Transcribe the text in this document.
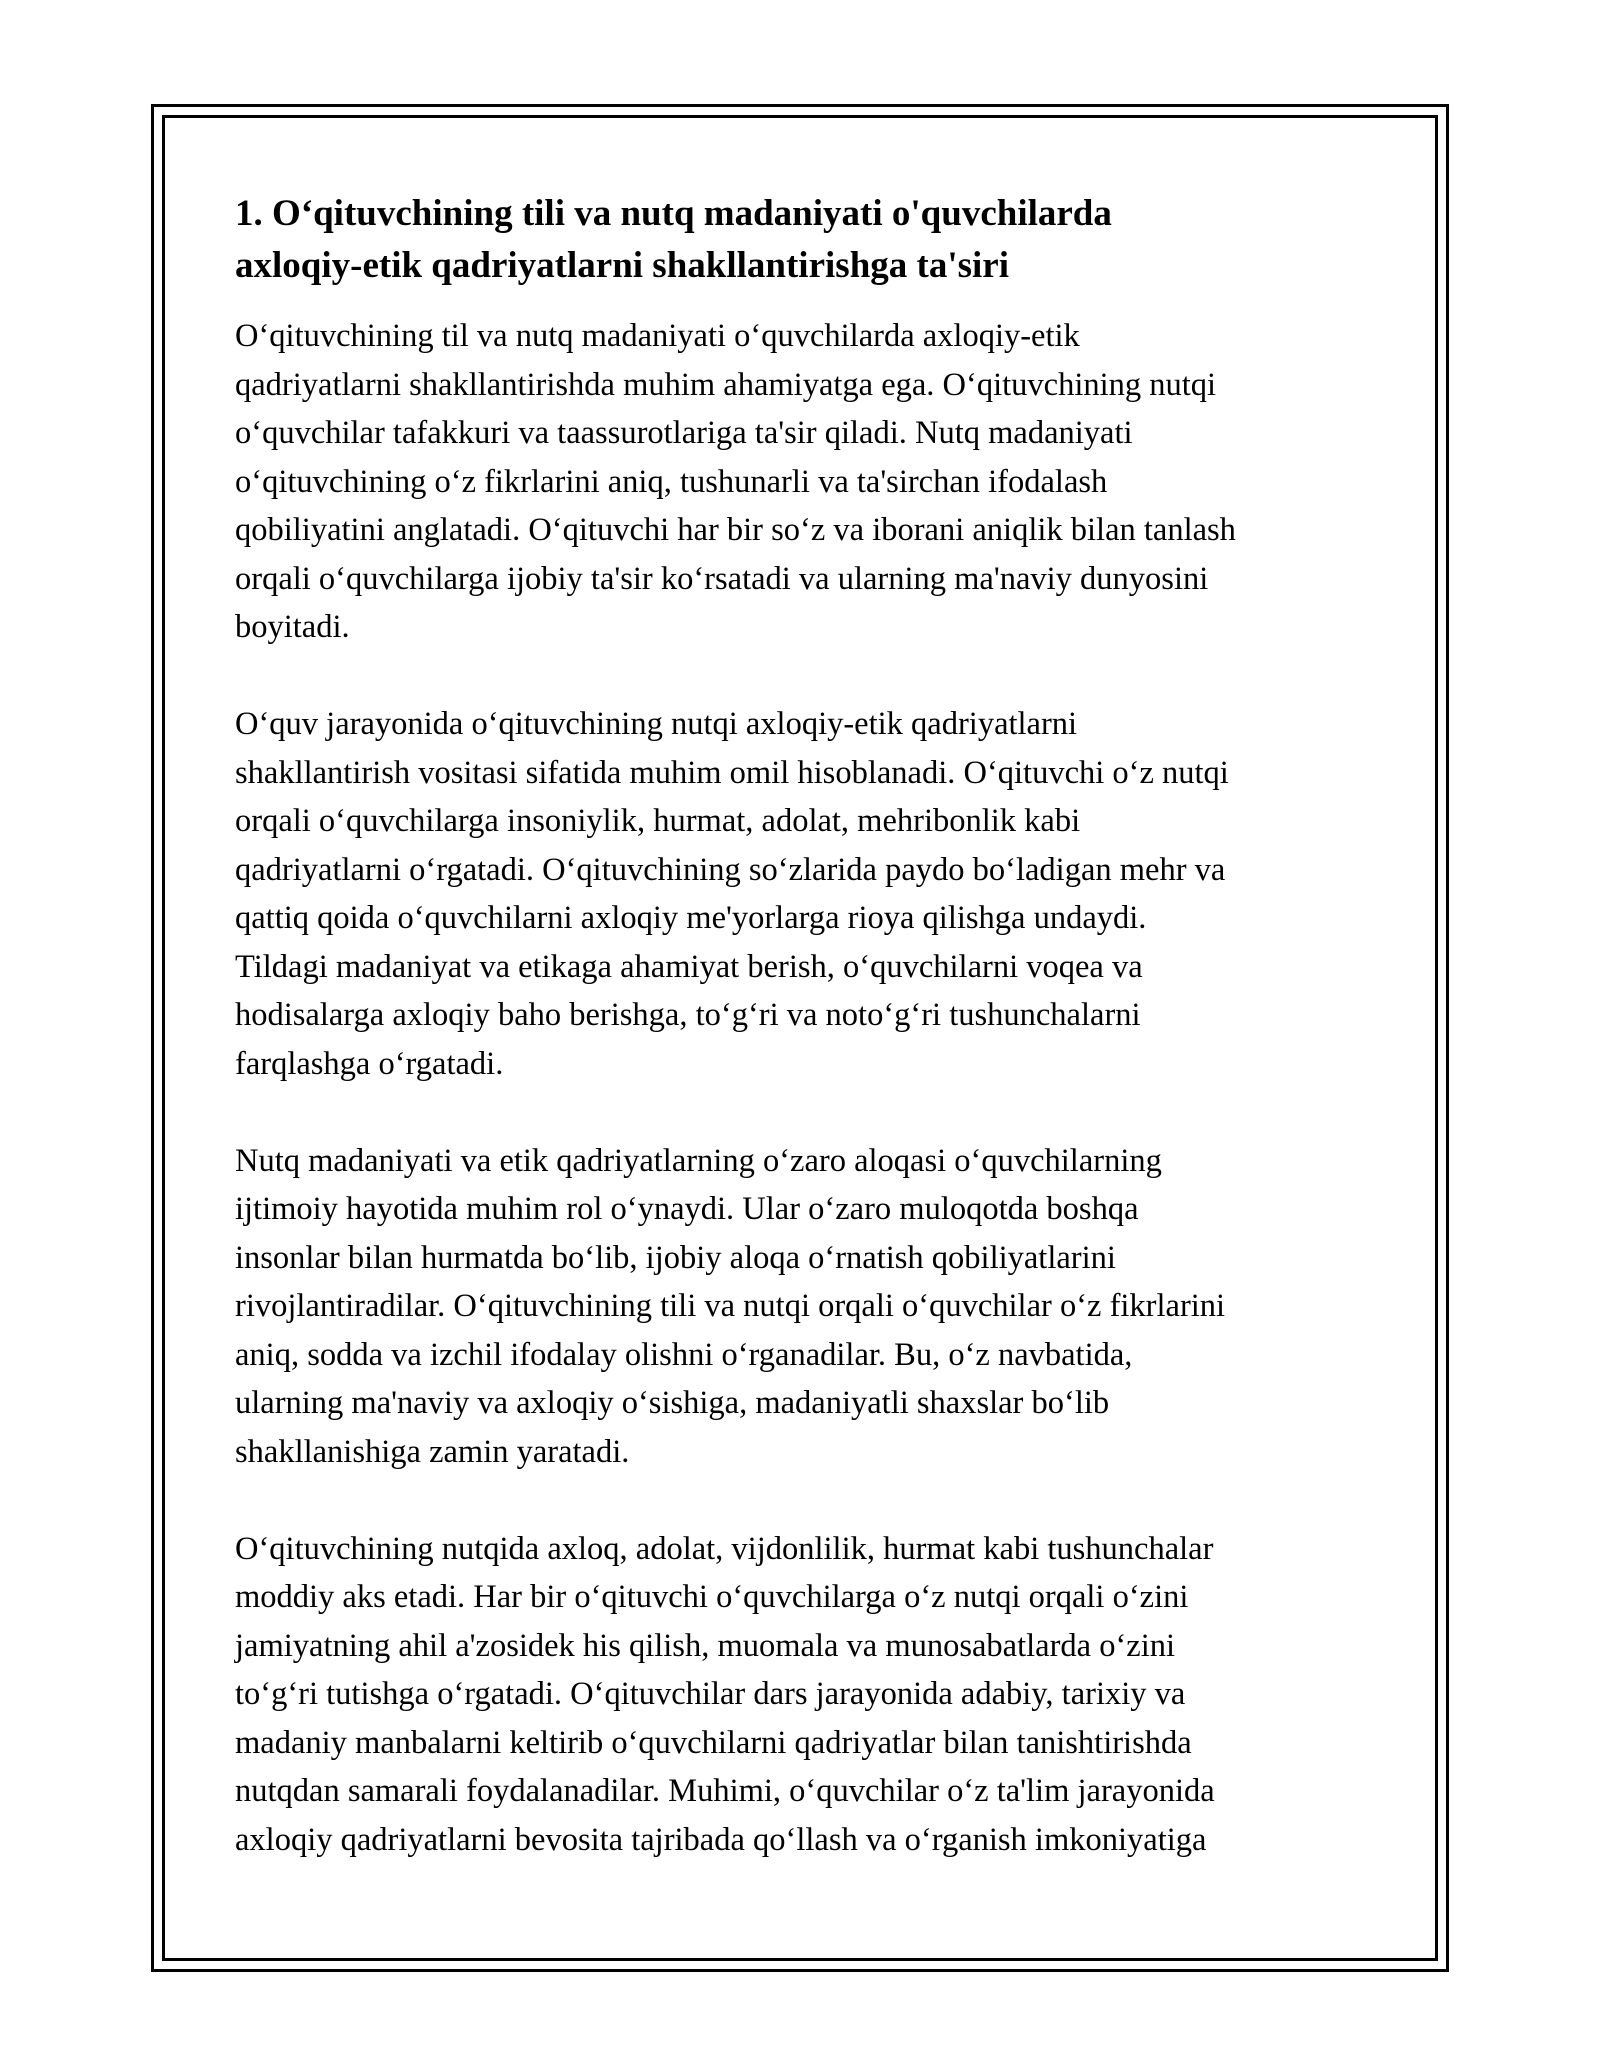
1. Oʻqituvchining tili va nutq madaniyati o'quvchilarda
axloqiy-etik qadriyatlarni shakllantirishga ta'siri

Oʻqituvchining til va nutq madaniyati oʻquvchilarda axloqiy-etik
qadriyatlarni shakllantirishda muhim ahamiyatga ega. Oʻqituvchining nutqi
oʻquvchilar tafakkuri va taassurotlariga ta'sir qiladi. Nutq madaniyati
oʻqituvchining oʻz fikrlarini aniq, tushunarli va ta'sirchan ifodalash
qobiliyatini anglatadi. Oʻqituvchi har bir soʻz va iborani aniqlik bilan tanlash
orqali oʻquvchilarga ijobiy ta'sir koʻrsatadi va ularning ma'naviy dunyosini
boyitadi.

Oʻquv jarayonida oʻqituvchining nutqi axloqiy-etik qadriyatlarni
shakllantirish vositasi sifatida muhim omil hisoblanadi. Oʻqituvchi oʻz nutqi
orqali oʻquvchilarga insoniylik, hurmat, adolat, mehribonlik kabi
qadriyatlarni oʻrgatadi. Oʻqituvchining soʻzlarida paydo boʻladigan mehr va
qattiq qoida oʻquvchilarni axloqiy me'yorlarga rioya qilishga undaydi.
Tildagi madaniyat va etikaga ahamiyat berish, oʻquvchilarni voqea va
hodisalarga axloqiy baho berishga, toʻgʻri va notoʻgʻri tushunchalarni
farqlashga oʻrgatadi.

Nutq madaniyati va etik qadriyatlarning oʻzaro aloqasi oʻquvchilarning
ijtimoiy hayotida muhim rol oʻynaydi. Ular oʻzaro muloqotda boshqa
insonlar bilan hurmatda boʻlib, ijobiy aloqa oʻrnatish qobiliyatlarini
rivojlantiradilar. Oʻqituvchining tili va nutqi orqali oʻquvchilar oʻz fikrlarini
aniq, sodda va izchil ifodalay olishni oʻrganadilar. Bu, oʻz navbatida,
ularning ma'naviy va axloqiy oʻsishiga, madaniyatli shaxslar boʻlib
shakllanishiga zamin yaratadi.

Oʻqituvchining nutqida axloq, adolat, vijdonlilik, hurmat kabi tushunchalar
moddiy aks etadi. Har bir oʻqituvchi oʻquvchilarga oʻz nutqi orqali oʻzini
jamiyatning ahil a'zosidek his qilish, muomala va munosabatlarda oʻzini
toʻgʻri tutishga oʻrgatadi. Oʻqituvchilar dars jarayonida adabiy, tarixiy va
madaniy manbalarni keltirib oʻquvchilarni qadriyatlar bilan tanishtirishda
nutqdan samarali foydalanadilar. Muhimi, oʻquvchilar oʻz ta'lim jarayonida
axloqiy qadriyatlarni bevosita tajribada qoʻllash va oʻrganish imkoniyatiga
